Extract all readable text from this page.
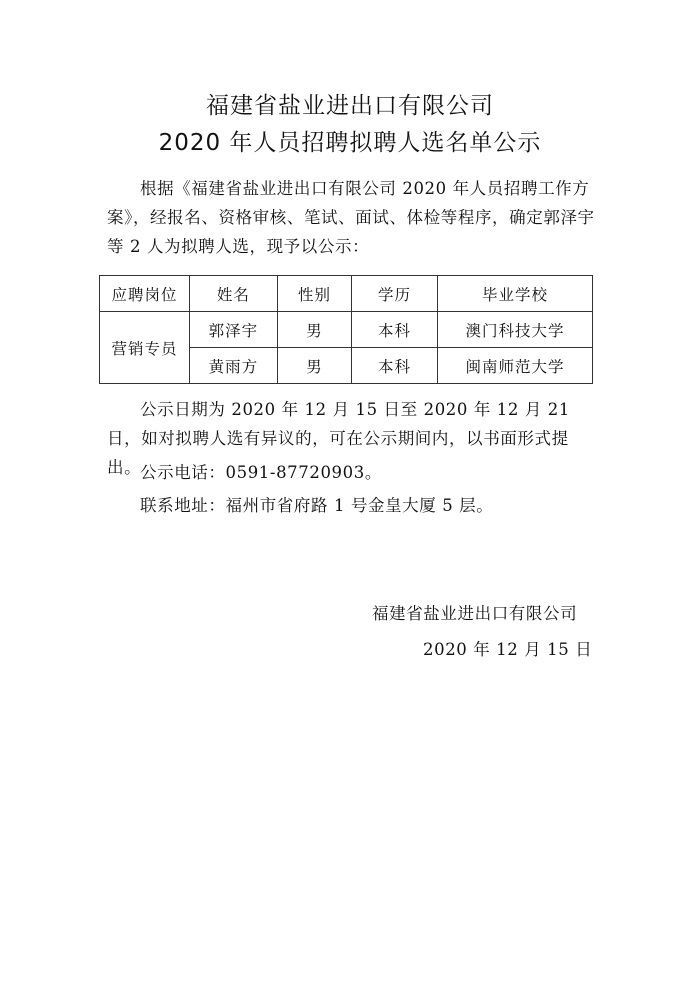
福建省盐业进出口有限公司
2020 年人员招聘拟聘人选名单公示
根据《福建省盐业进出口有限公司 2020 年人员招聘工作方案》，经报名、资格审核、笔试、面试、体检等程序，确定郭泽宇等 2 人为拟聘人选，现予以公示：
应聘岗位	姓名	性别	学历	毕业学校
营销专员	郭泽宇	男	本科	澳门科技大学
	黄雨方	男	本科	闽南师范大学
公示日期为 2020 年 12 月 15 日至 2020 年 12 月 21 日，如对拟聘人选有异议的，可在公示期间内，以书面形式提出。
公示电话：0591-87720903。
联系地址：福州市省府路 1 号金皇大厦 5 层。
福建省盐业进出口有限公司
2020 年 12 月 15 日
